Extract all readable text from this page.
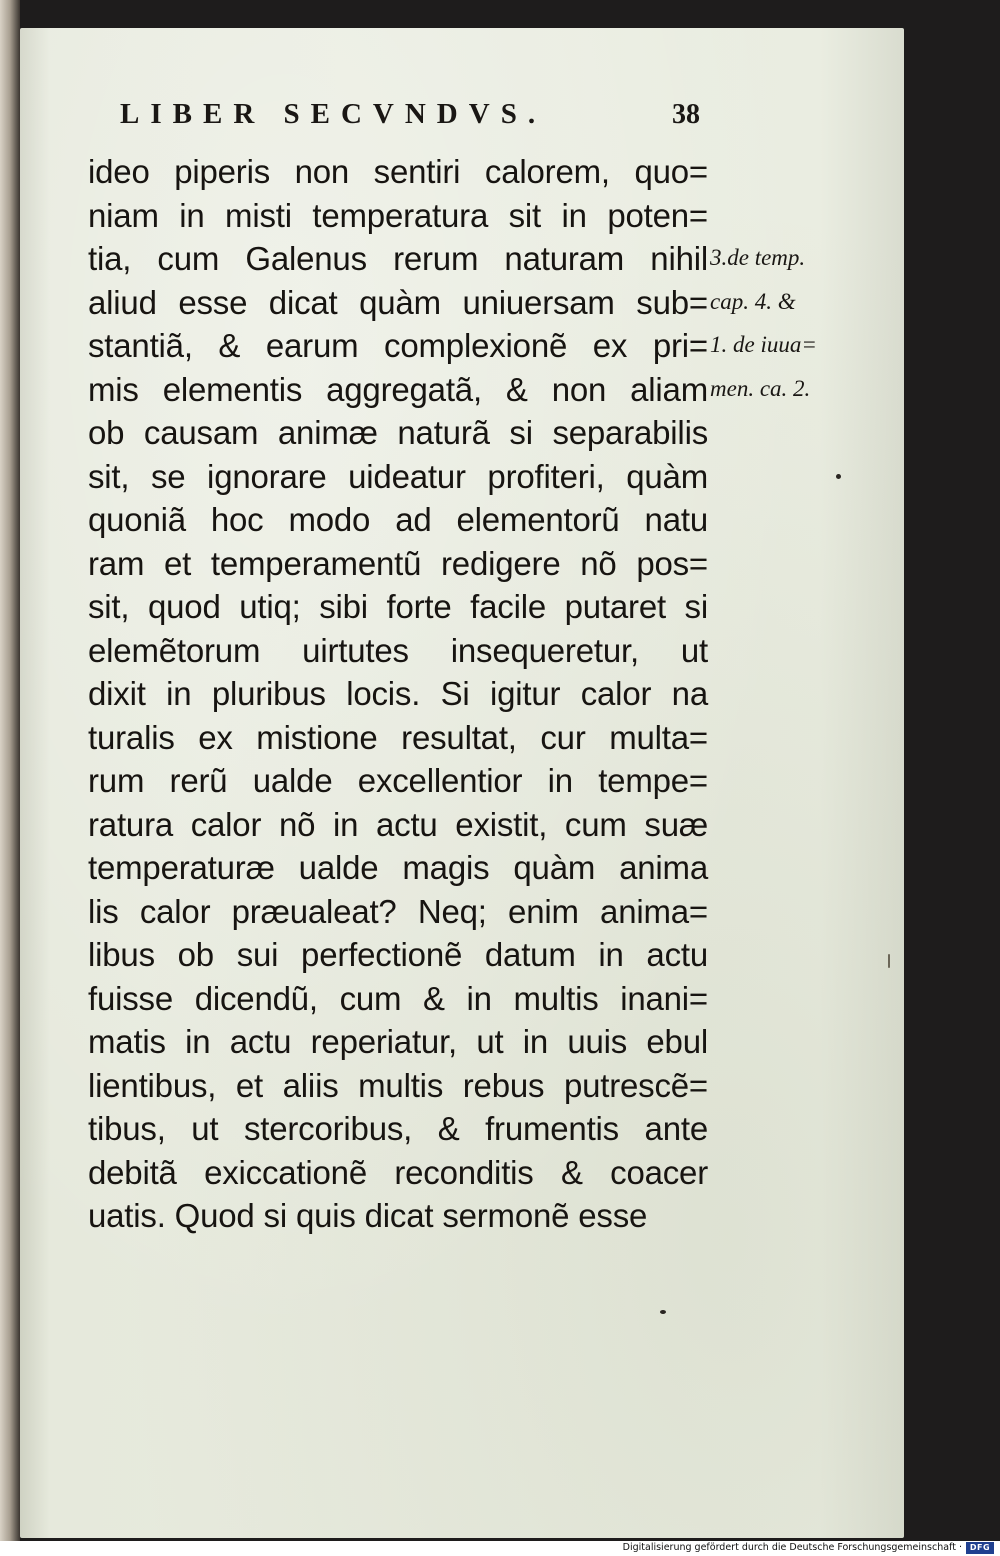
LIBER SECVNDVS.	38
ideo piperis non sentiri calorem, quo=
niam in misti temperatura sit in poten=
tia, cum Galenus rerum naturam nihil
aliud esse dicat quàm uniuersam sub=
stantiã, & earum complexionẽ ex pri=
mis elementis aggregatã, & non aliam
ob causam animæ naturã si separabilis
sit, se ignorare uideatur profiteri, quàm
quoniã hoc modo ad elementorũ natu
ram et temperamentũ redigere nõ pos=
sit, quod utiq; sibi forte facile putaret si
elemẽtorum uirtutes insequeretur, ut
dixit in pluribus locis. Si igitur calor na
turalis ex mistione resultat, cur multa=
rum rerũ ualde excellentior in tempe=
ratura calor nõ in actu existit, cum suæ
temperaturæ ualde magis quàm anima
lis calor præualeat? Neq; enim anima=
libus ob sui perfectionẽ datum in actu
fuisse dicendũ, cum & in multis inani=
matis in actu reperiatur, ut in uuis ebul
lientibus, et aliis multis rebus putrescẽ=
tibus, ut stercoribus, & frumentis ante
debitã exiccationẽ reconditis & coacer
uatis. Quod si quis dicat sermonẽ esse
3.de temp.
cap. 4. &
1. de iuua=
men. ca. 2.
Digitalisierung gefördert durch die Deutsche Forschungsgemeinschaft · DFG
